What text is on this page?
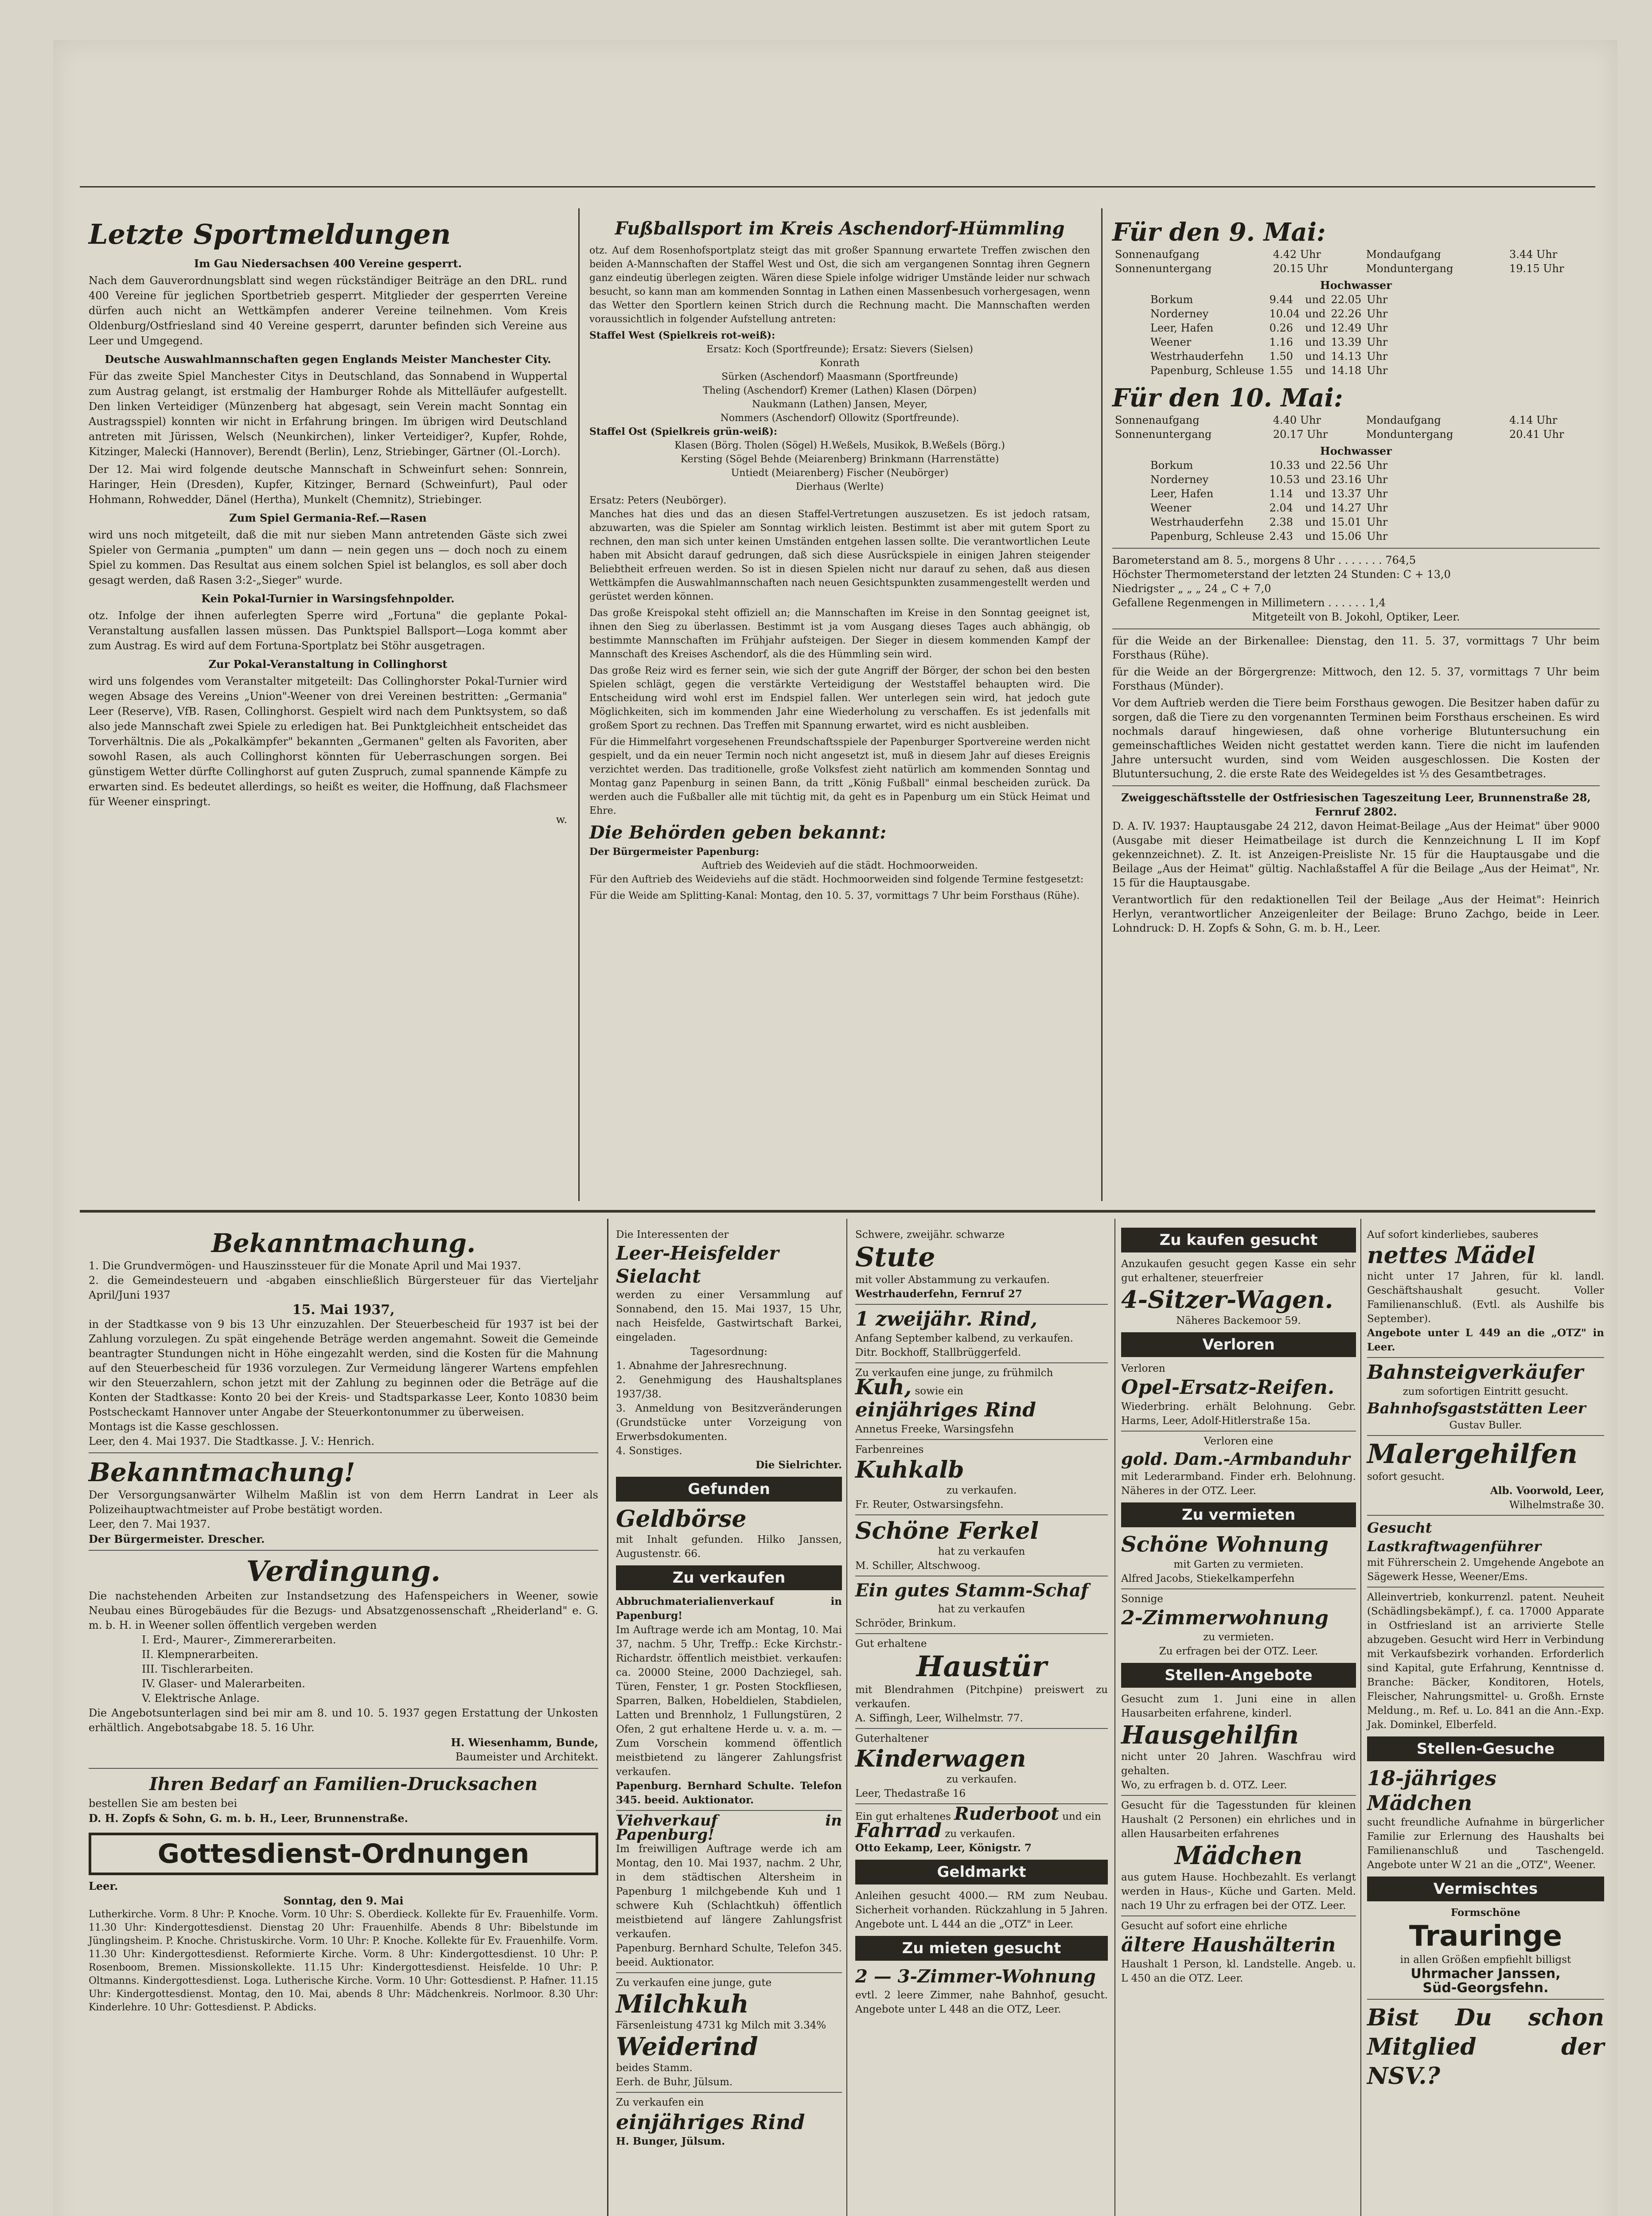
Letzte Sportmeldungen
Im Gau Niedersachsen 400 Vereine gesperrt.

Nach dem Gauverordnungsblatt sind wegen rückständiger Beiträge an den DRL. rund 400 Vereine für jeglichen Sportbetrieb gesperrt. Mitglieder der gesperrten Vereine dürfen auch nicht an Wettkämpfen anderer Vereine teilnehmen. Vom Kreis Oldenburg/Ostfriesland sind 40 Vereine gesperrt, darunter befinden sich Vereine aus Leer und Umgegend.

Deutsche Auswahlmannschaften gegen Englands Meister Manchester City.

Für das zweite Spiel Manchester Citys in Deutschland, das Sonnabend in Wuppertal zum Austrag gelangt, ist erstmalig der Hamburger Rohde als Mittelläufer aufgestellt. Den linken Verteidiger (Münzenberg hat abgesagt, sein Verein macht Sonntag ein Austragsspiel) konnten wir nicht in Erfahrung bringen. Im übrigen wird Deutschland antreten mit Jürissen, Welsch (Neunkirchen), linker Verteidiger?, Kupfer, Rohde, Kitzinger, Malecki (Hannover), Berendt (Berlin), Lenz, Striebinger, Gärtner (Ol.-Lorch).

Der 12. Mai wird folgende deutsche Mannschaft in Schweinfurt sehen: Sonnrein, Haringer, Hein (Dresden), Kupfer, Kitzinger, Bernard (Schweinfurt), Paul oder Hohmann, Rohwedder, Dänel (Hertha), Munkelt (Chemnitz), Striebinger.

Zum Spiel Germania-Ref.—Rasen

wird uns noch mitgeteilt, daß die mit nur sieben Mann antretenden Gäste sich zwei Spieler von Germania „pumpten" um dann — nein gegen uns — doch noch zu einem Spiel zu kommen. Das Resultat aus einem solchen Spiel ist belanglos, es soll aber doch gesagt werden, daß Rasen 3:2-„Sieger" wurde.

Kein Pokal-Turnier in Warsingsfehnpolder.

otz. Infolge der ihnen auferlegten Sperre wird „Fortuna" die geplante Pokal-Veranstaltung ausfallen lassen müssen. Das Punktspiel Ballsport—Loga kommt aber zum Austrag. Es wird auf dem Fortuna-Sportplatz bei Stöhr ausgetragen.

Zur Pokal-Veranstaltung in Collinghorst

wird uns folgendes vom Veranstalter mitgeteilt: Das Collinghorster Pokal-Turnier wird wegen Absage des Vereins „Union"-Weener von drei Vereinen bestritten: „Germania" Leer (Reserve), VfB. Rasen, Collinghorst. Gespielt wird nach dem Punktsystem, so daß also jede Mannschaft zwei Spiele zu erledigen hat. Bei Punktgleichheit entscheidet das Torverhältnis. Die als „Pokalkämpfer" bekannten „Germanen" gelten als Favoriten, aber sowohl Rasen, als auch Collinghorst könnten für Ueberraschungen sorgen. Bei günstigem Wetter dürfte Collinghorst auf guten Zuspruch, zumal spannende Kämpfe zu erwarten sind. Es bedeutet allerdings, so heißt es weiter, die Hoffnung, daß Flachsmeer für Weener einspringt.

w.
Fußballsport im Kreis Aschendorf-Hümmling

otz. Auf dem Rosenhofsportplatz steigt das mit großer Spannung erwartete Treffen zwischen den beiden A-Mannschaften der Staffel West und Ost, die sich am vergangenen Sonntag ihren Gegnern ganz eindeutig überlegen zeigten. Wären diese Spiele infolge widriger Umstände leider nur schwach besucht, so kann man am kommenden Sonntag in Lathen einen Massenbesuch vorhergesagen, wenn das Wetter den Sportlern keinen Strich durch die Rechnung macht. Die Mannschaften werden voraussichtlich in folgender Aufstellung antreten:

Staffel West (Spielkreis rot-weiß):
Ersatz: Koch (Sportfreunde); Ersatz: Sievers (Sielsen)
Konrath
Sürken (Aschendorf) Maasmann (Sportfreunde)
Theling (Aschendorf) Kremer (Lathen) Klasen (Dörpen)
Naukmann (Lathen) Jansen, Meyer,
Nommers (Aschendorf) Ollowitz (Sportfreunde).
Staffel Ost (Spielkreis grün-weiß):
Klasen (Börg. Tholen (Sögel) H.Weßels, Musikok, B.Weßels (Börg.)
Kersting (Sögel Behde (Meiarenberg) Brinkmann (Harrenstätte)
Untiedt (Meiarenberg) Fischer (Neubörger)
Dierhaus (Werlte)
Ersatz: Peters (Neubörger).

Manches hat dies und das an diesen Staffel-Vertretungen auszusetzen. Es ist jedoch ratsam, abzuwarten, was die Spieler am Sonntag wirklich leisten. Bestimmt ist aber mit gutem Sport zu rechnen, den man sich unter keinen Umständen entgehen lassen sollte. Die verantwortlichen Leute haben mit Absicht darauf gedrungen, daß sich diese Ausrückspiele in einigen Jahren steigender Beliebtheit erfreuen werden. So ist in diesen Spielen nicht nur darauf zu sehen, daß aus diesen Wettkämpfen die Auswahlmannschaften nach neuen Gesichtspunkten zusammengestellt werden und gerüstet werden können.

Das große Kreispokal steht offiziell an; die Mannschaften im Kreise in den Sonntag geeignet ist, ihnen den Sieg zu überlassen. Bestimmt ist ja vom Ausgang dieses Tages auch abhängig, ob bestimmte Mannschaften im Frühjahr aufsteigen. Der Sieger in diesem kommenden Kampf der Mannschaft des Kreises Aschendorf, als die des Hümmling sein wird.

Das große Reiz wird es ferner sein, wie sich der gute Angriff der Börger, der schon bei den besten Spielen schlägt, gegen die verstärkte Verteidigung der Weststaffel behaupten wird. Die Entscheidung wird wohl erst im Endspiel fallen. Wer unterlegen sein wird, hat jedoch gute Möglichkeiten, sich im kommenden Jahr eine Wiederholung zu verschaffen. Es ist jedenfalls mit großem Sport zu rechnen. Das Treffen mit Spannung erwartet, wird es nicht ausbleiben.

Für die Himmelfahrt vorgesehenen Freundschaftsspiele der Papenburger Sportvereine werden nicht gespielt, und da ein neuer Termin noch nicht angesetzt ist, muß in diesem Jahr auf dieses Ereignis verzichtet werden. Das traditionelle, große Volksfest zieht natürlich am kommenden Sonntag und Montag ganz Papenburg in seinen Bann, da tritt „König Fußball" einmal bescheiden zurück. Da werden auch die Fußballer alle mit tüchtig mit, da geht es in Papenburg um ein Stück Heimat und Ehre.

Die Behörden geben bekannt:
Der Bürgermeister Papenburg:
Auftrieb des Weidevieh auf die städt. Hochmoorweiden.

Für den Auftrieb des Weideviehs auf die städt. Hochmoorweiden sind folgende Termine festgesetzt:

Für die Weide am Splitting-Kanal: Montag, den 10. 5. 37, vormittags 7 Uhr beim Forsthaus (Rühe).

Für den 9. Mai:
Sonnenaufgang	4.42 Uhr	Mondaufgang	3.44 Uhr
Sonnenuntergang	20.15 Uhr	Monduntergang	19.15 Uhr
Hochwasser
Borkum	9.44	und	22.05	Uhr
Norderney	10.04	und	22.26	Uhr
Leer, Hafen	0.26	und	12.49	Uhr
Weener	1.16	und	13.39	Uhr
Westrhauderfehn	1.50	und	14.13	Uhr
Papenburg, Schleuse	1.55	und	14.18	Uhr
Für den 10. Mai:
Sonnenaufgang	4.40 Uhr	Mondaufgang	4.14 Uhr
Sonnenuntergang	20.17 Uhr	Monduntergang	20.41 Uhr
Hochwasser
Borkum	10.33	und	22.56	Uhr
Norderney	10.53	und	23.16	Uhr
Leer, Hafen	1.14	und	13.37	Uhr
Weener	2.04	und	14.27	Uhr
Westrhauderfehn	2.38	und	15.01	Uhr
Papenburg, Schleuse	2.43	und	15.06	Uhr
Barometerstand am 8. 5., morgens 8 Uhr . . . . . . . 764,5
Höchster Thermometerstand der letzten 24 Stunden: C + 13,0
Niedrigster „ „ „ 24 „ C + 7,0
Gefallene Regenmengen in Millimetern . . . . . . 1,4
Mitgeteilt von B. Jokohl, Optiker, Leer.

für die Weide an der Birkenallee: Dienstag, den 11. 5. 37, vormittags 7 Uhr beim Forsthaus (Rühe).

für die Weide an der Börgergrenze: Mittwoch, den 12. 5. 37, vormittags 7 Uhr beim Forsthaus (Münder).

Vor dem Auftrieb werden die Tiere beim Forsthaus gewogen. Die Besitzer haben dafür zu sorgen, daß die Tiere zu den vorgenannten Terminen beim Forsthaus erscheinen. Es wird nochmals darauf hingewiesen, daß ohne vorherige Blutuntersuchung ein gemeinschaftliches Weiden nicht gestattet werden kann. Tiere die nicht im laufenden Jahre untersucht wurden, sind vom Weiden ausgeschlossen. Die Kosten der Blutuntersuchung, 2. die erste Rate des Weidegeldes ist ⅓ des Gesamtbetrages.

Zweiggeschäftsstelle der Ostfriesischen Tageszeitung Leer, Brunnenstraße 28, Fernruf 2802.

D. A. IV. 1937: Hauptausgabe 24 212, davon Heimat-Beilage „Aus der Heimat" über 9000 (Ausgabe mit dieser Heimatbeilage ist durch die Kennzeichnung L II im Kopf gekennzeichnet). Z. It. ist Anzeigen-Preisliste Nr. 15 für die Hauptausgabe und die Beilage „Aus der Heimat" gültig. Nachlaßstaffel A für die Beilage „Aus der Heimat", Nr. 15 für die Hauptausgabe.

Verantwortlich für den redaktionellen Teil der Beilage „Aus der Heimat": Heinrich Herlyn, verantwortlicher Anzeigenleiter der Beilage: Bruno Zachgo, beide in Leer. Lohndruck: D. H. Zopfs & Sohn, G. m. b. H., Leer.

Bekanntmachung.

1. Die Grundvermögen- und Hauszinssteuer für die Monate April und Mai 1937.

2. die Gemeindesteuern und -abgaben einschließlich Bürgersteuer für das Vierteljahr April/Juni 1937

15. Mai 1937,

in der Stadtkasse von 9 bis 13 Uhr einzuzahlen. Der Steuerbescheid für 1937 ist bei der Zahlung vorzulegen. Zu spät eingehende Beträge werden angemahnt. Soweit die Gemeinde beantragter Stundungen nicht in Höhe eingezahlt werden, sind die Kosten für die Mahnung auf den Steuerbescheid für 1936 vorzulegen. Zur Vermeidung längerer Wartens empfehlen wir den Steuerzahlern, schon jetzt mit der Zahlung zu beginnen oder die Beträge auf die Konten der Stadtkasse: Konto 20 bei der Kreis- und Stadtsparkasse Leer, Konto 10830 beim Postscheckamt Hannover unter Angabe der Steuerkontonummer zu überweisen.

Montags ist die Kasse geschlossen.

Leer, den 4. Mai 1937. Die Stadtkasse. J. V.: Henrich.

Bekanntmachung!

Der Versorgungsanwärter Wilhelm Maßlin ist von dem Herrn Landrat in Leer als Polizeihauptwachtmeister auf Probe bestätigt worden.

Leer, den 7. Mai 1937.

Der Bürgermeister. Drescher.

Verdingung.

Die nachstehenden Arbeiten zur Instandsetzung des Hafenspeichers in Weener, sowie Neubau eines Bürogebäudes für die Bezugs- und Absatzgenossenschaft „Rheiderland" e. G. m. b. H. in Weener sollen öffentlich vergeben werden

I. Erd-, Maurer-, Zimmererarbeiten.
II. Klempnerarbeiten.
III. Tischlerarbeiten.
IV. Glaser- und Malerarbeiten.
V. Elektrische Anlage.

Die Angebotsunterlagen sind bei mir am 8. und 10. 5. 1937 gegen Erstattung der Unkosten erhältlich. Angebotsabgabe 18. 5. 16 Uhr.

H. Wiesenhamm, Bunde,
Baumeister und Architekt.
Ihren Bedarf an Familien-Drucksachen
bestellen Sie am besten bei
D. H. Zopfs & Sohn, G. m. b. H., Leer, Brunnenstraße.
Gottesdienst-Ordnungen
Leer.
Sonntag, den 9. Mai

Lutherkirche. Vorm. 8 Uhr: P. Knoche. Vorm. 10 Uhr: S. Oberdieck. Kollekte für Ev. Frauenhilfe. Vorm. 11.30 Uhr: Kindergottesdienst. Dienstag 20 Uhr: Frauenhilfe. Abends 8 Uhr: Bibelstunde im Jünglingsheim. P. Knoche. Christuskirche. Vorm. 10 Uhr: P. Knoche. Kollekte für Ev. Frauenhilfe. Vorm. 11.30 Uhr: Kindergottesdienst. Reformierte Kirche. Vorm. 8 Uhr: Kindergottesdienst. 10 Uhr: P. Rosenboom, Bremen. Missionskollekte. 11.15 Uhr: Kindergottesdienst. Heisfelde. 10 Uhr: P. Oltmanns. Kindergottesdienst. Loga. Lutherische Kirche. Vorm. 10 Uhr: Gottesdienst. P. Hafner. 11.15 Uhr: Kindergottesdienst. Montag, den 10. Mai, abends 8 Uhr: Mädchenkreis. Norlmoor. 8.30 Uhr: Kinderlehre. 10 Uhr: Gottesdienst. P. Abdicks.

Die Interessenten der
Leer-Heisfelder Sielacht

werden zu einer Versammlung auf Sonnabend, den 15. Mai 1937, 15 Uhr, nach Heisfelde, Gastwirtschaft Barkei, eingeladen.

Tagesordnung:
1. Abnahme der Jahresrechnung.
2. Genehmigung des Haushaltsplanes 1937/38.
3. Anmeldung von Besitzveränderungen (Grundstücke unter Vorzeigung von Erwerbsdokumenten.
4. Sonstiges.
Die Sielrichter.
Gefunden
Geldbörse

mit Inhalt gefunden. Hilko Janssen, Augustenstr. 66.

Zu verkaufen
Abbruchmaterialienverkauf in Papenburg!

Im Auftrage werde ich am Montag, 10. Mai 37, nachm. 5 Uhr, Treffp.: Ecke Kirchstr.-Richardstr. öffentlich meistbiet. verkaufen: ca. 20000 Steine, 2000 Dachziegel, sah. Türen, Fenster, 1 gr. Posten Stockfliesen, Sparren, Balken, Hobeldielen, Stabdielen, Latten und Brennholz, 1 Fullungstüren, 2 Ofen, 2 gut erhaltene Herde u. v. a. m. — Zum Vorschein kommend öffentlich meistbietend zu längerer Zahlungsfrist verkaufen.

Papenburg. Bernhard Schulte. Telefon 345. beeid. Auktionator.

Viehverkauf in Papenburg!

Im freiwilligen Auftrage werde ich am Montag, den 10. Mai 1937, nachm. 2 Uhr, in dem städtischen Altersheim in Papenburg 1 milchgebende Kuh und 1 schwere Kuh (Schlachtkuh) öffentlich meistbietend auf längere Zahlungsfrist verkaufen.

Papenburg. Bernhard Schulte, Telefon 345. beeid. Auktionator.

Zu verkaufen eine junge, gute
Milchkuh
Färsenleistung 4731 kg Milch mit 3.34%
Weiderind
beides Stamm.
Eerh. de Buhr, Jülsum.
Zu verkaufen ein
einjähriges Rind
H. Bunger, Jülsum.
Schwere, zweijähr. schwarze
Stute
mit voller Abstammung zu verkaufen.
Westrhauderfehn, Fernruf 27
1 zweijähr. Rind,
Anfang September kalbend, zu verkaufen.
Ditr. Bockhoff, Stallbrüggerfeld.
Zu verkaufen eine junge, zu frühmilch
Kuh, sowie ein
einjähriges Rind
Annetus Freeke, Warsingsfehn
Farbenreines
Kuhkalb
zu verkaufen.
Fr. Reuter, Ostwarsingsfehn.
Schöne Ferkel
hat zu verkaufen
M. Schiller, Altschwoog.
Ein gutes Stamm-Schaf
hat zu verkaufen
Schröder, Brinkum.
Gut erhaltene
Haustür
mit Blendrahmen (Pitchpine) preiswert zu verkaufen.
A. Siffingh, Leer, Wilhelmstr. 77.
Guterhaltener
Kinderwagen
zu verkaufen.
Leer, Thedastraße 16
Ein gut erhaltenes Ruderboot und ein
Fahrrad zu verkaufen.
Otto Eekamp, Leer, Königstr. 7
Geldmarkt

Anleihen gesucht 4000.— RM zum Neubau. Sicherheit vorhanden. Rückzahlung in 5 Jahren. Angebote unt. L 444 an die „OTZ" in Leer.

Zu mieten gesucht
2 — 3-Zimmer-Wohnung

evtl. 2 leere Zimmer, nahe Bahnhof, gesucht. Angebote unter L 448 an die OTZ, Leer.

Zu kaufen gesucht

Anzukaufen gesucht gegen Kasse ein sehr gut erhaltener, steuerfreier

4-Sitzer-Wagen.
Näheres Backemoor 59.
Verloren
Verloren
Opel-Ersatz-Reifen.

Wiederbring. erhält Belohnung. Gebr. Harms, Leer, Adolf-Hitlerstraße 15a.

Verloren eine
gold. Dam.-Armbanduhr

mit Lederarmband. Finder erh. Belohnung. Näheres in der OTZ. Leer.

Zu vermieten
Schöne Wohnung
mit Garten zu vermieten.
Alfred Jacobs, Stiekelkamperfehn
Sonnige
2-Zimmerwohnung
zu vermieten.
Zu erfragen bei der OTZ. Leer.
Stellen-Angebote

Gesucht zum 1. Juni eine in allen Hausarbeiten erfahrene, kinderl.

Hausgehilfin

nicht unter 20 Jahren. Waschfrau wird gehalten.

Wo, zu erfragen b. d. OTZ. Leer.

Gesucht für die Tagesstunden für kleinen Haushalt (2 Personen) ein ehrliches und in allen Hausarbeiten erfahrenes

Mädchen

aus gutem Hause. Hochbezahlt. Es verlangt werden in Haus-, Küche und Garten. Meld. nach 19 Uhr zu erfragen bei der OTZ. Leer.

Gesucht auf sofort eine ehrliche
ältere Haushälterin

Haushalt 1 Person, kl. Landstelle. Angeb. u. L 450 an die OTZ. Leer.

Auf sofort kinderliebes, sauberes
nettes Mädel

nicht unter 17 Jahren, für kl. landl. Geschäftshaushalt gesucht. Voller Familienanschluß. (Evtl. als Aushilfe bis September).

Angebote unter L 449 an die „OTZ" in Leer.
Bahnsteigverkäufer
zum sofortigen Eintritt gesucht.
Bahnhofsgaststätten Leer
Gustav Buller.
Malergehilfen
sofort gesucht.
Alb. Voorwold, Leer,
Wilhelmstraße 30.
Gesucht Lastkraftwagenführer

mit Führerschein 2. Umgehende Angebote an Sägewerk Hesse, Weener/Ems.

Alleinvertrieb, konkurrenzl. patent. Neuheit (Schädlingsbekämpf.), f. ca. 17000 Apparate in Ostfriesland ist an arrivierte Stelle abzugeben. Gesucht wird Herr in Verbindung mit Verkaufsbezirk vorhanden. Erforderlich sind Kapital, gute Erfahrung, Kenntnisse d. Branche: Bäcker, Konditoren, Hotels, Fleischer, Nahrungsmittel- u. Großh. Ernste Meldung., m. Ref. u. Lo. 841 an die Ann.-Exp. Jak. Dominkel, Elberfeld.

Stellen-Gesuche
18-jähriges Mädchen

sucht freundliche Aufnahme in bürgerlicher Familie zur Erlernung des Haushalts bei Familienanschluß und Taschengeld. Angebote unter W 21 an die „OTZ", Weener.

Vermischtes
Formschöne
Trauringe
in allen Größen empfiehlt billigst
Uhrmacher Janssen,
Süd-Georgsfehn.
Bist Du schon Mitglied der NSV.?
